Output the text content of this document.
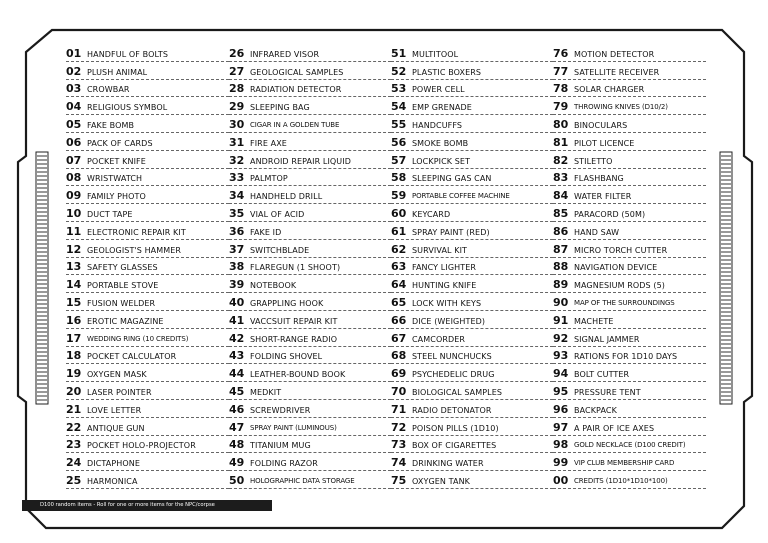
01 HANDFUL OF BOLTS
02 PLUSH ANIMAL
03 CROWBAR
04 RELIGIOUS SYMBOL
05 FAKE BOMB
06 PACK OF CARDS
07 POCKET KNIFE
08 WRISTWATCH
09 FAMILY PHOTO
10 DUCT TAPE
11 ELECTRONIC REPAIR KIT
12 GEOLOGIST'S HAMMER
13 SAFETY GLASSES
14 PORTABLE STOVE
15 FUSION WELDER
16 EROTIC MAGAZINE
17 WEDDING RING (10 CREDITS)
18 POCKET CALCULATOR
19 OXYGEN MASK
20 LASER POINTER
21 LOVE LETTER
22 ANTIQUE GUN
23 POCKET HOLO-PROJECTOR
24 DICTAPHONE
25 HARMONICA
26 INFRARED VISOR
27 GEOLOGICAL SAMPLES
28 RADIATION DETECTOR
29 SLEEPING BAG
30 CIGAR IN A GOLDEN TUBE
31 FIRE AXE
32 ANDROID REPAIR LIQUID
33 PALMTOP
34 HANDHELD DRILL
35 VIAL OF ACID
36 FAKE ID
37 SWITCHBLADE
38 FLAREGUN (1 SHOOT)
39 NOTEBOOK
40 GRAPPLING HOOK
41 VACCSUIT REPAIR KIT
42 SHORT-RANGE RADIO
43 FOLDING SHOVEL
44 LEATHER-BOUND BOOK
45 MEDKIT
46 SCREWDRIVER
47 SPRAY PAINT (LUMINOUS)
48 TITANIUM MUG
49 FOLDING RAZOR
50 HOLOGRAPHIC DATA STORAGE
51 MULTITOOL
52 PLASTIC BOXERS
53 POWER CELL
54 EMP GRENADE
55 HANDCUFFS
56 SMOKE BOMB
57 LOCKPICK SET
58 SLEEPING GAS CAN
59 PORTABLE COFFEE MACHINE
60 KEYCARD
61 SPRAY PAINT (RED)
62 SURVIVAL KIT
63 FANCY LIGHTER
64 HUNTING KNIFE
65 LOCK WITH KEYS
66 DICE (WEIGHTED)
67 CAMCORDER
68 STEEL NUNCHUCKS
69 PSYCHEDELIC DRUG
70 BIOLOGICAL SAMPLES
71 RADIO DETONATOR
72 POISON PILLS (1D10)
73 BOX OF CIGARETTES
74 DRINKING WATER
75 OXYGEN TANK
76 MOTION DETECTOR
77 SATELLITE RECEIVER
78 SOLAR CHARGER
79 THROWING KNIVES (D10/2)
80 BINOCULARS
81 PILOT LICENCE
82 STILETTO
83 FLASHBANG
84 WATER FILTER
85 PARACORD (50M)
86 HAND SAW
87 MICRO TORCH CUTTER
88 NAVIGATION DEVICE
89 MAGNESIUM RODS (5)
90 MAP OF THE SURROUNDINGS
91 MACHETE
92 SIGNAL JAMMER
93 RATIONS FOR 1D10 DAYS
94 BOLT CUTTER
95 PRESSURE TENT
96 BACKPACK
97 A PAIR OF ICE AXES
98 GOLD NECKLACE (D100 CREDIT)
99 VIP CLUB MEMBERSHIP CARD
00 CREDITS (1D10*1D10*100)
D100 random items - Roll for one or more items for the NPC/corpse
